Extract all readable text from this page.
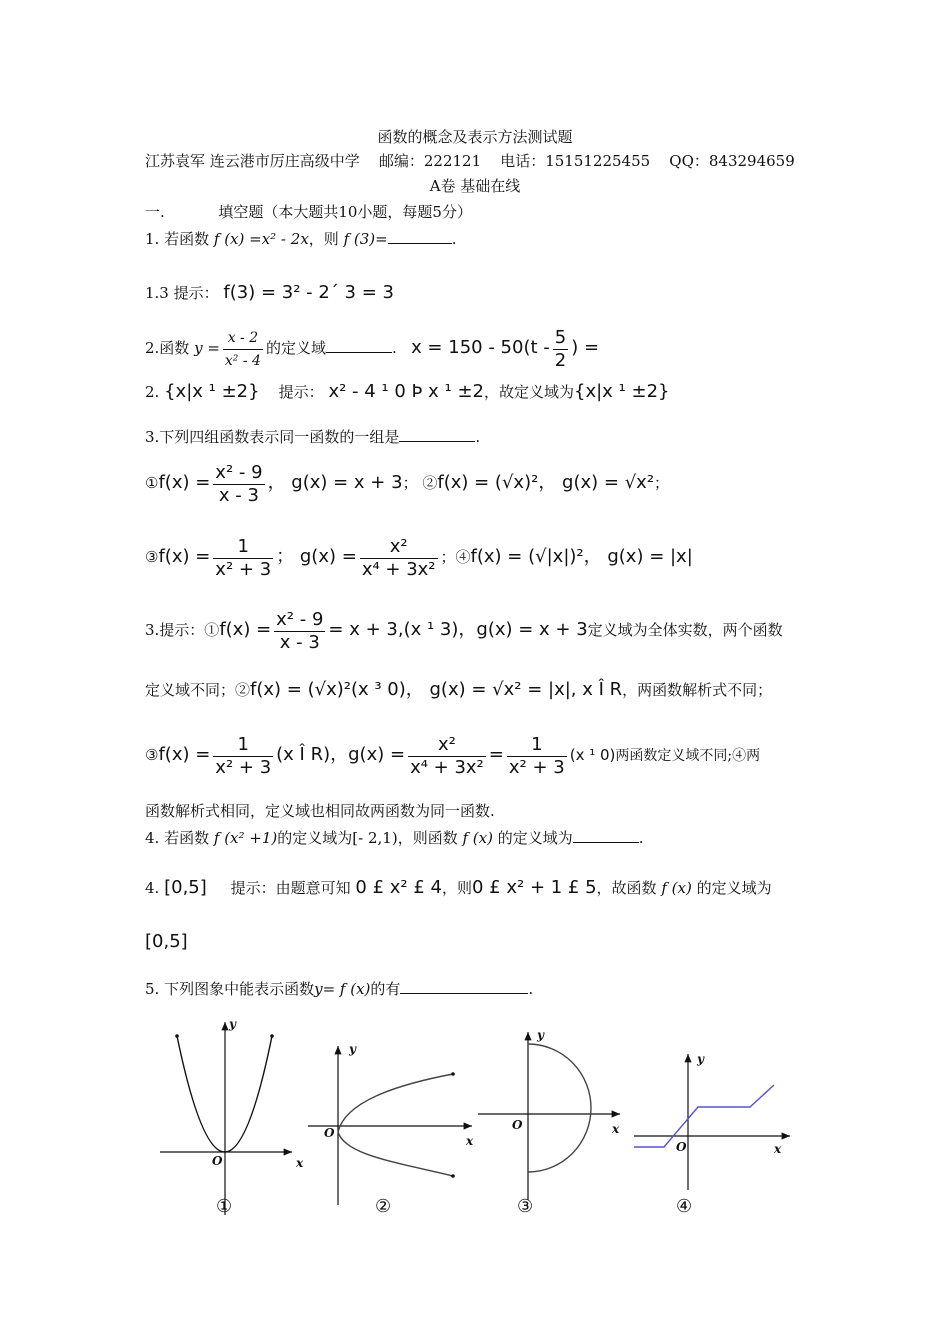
函数的概念及表示方法测试题
江苏袁军 连云港市厉庄高级中学 邮编：222121 电话：15151225455 QQ：843294659
A卷 基础在线
一.	填空题（本大题共10小题，每题5分）
1. 若函数 f (x) =x² - 2x，则 f (3)=	.
1.3 提示： f(3) = 3² - 2´ 3 = 3
2.函数 $y = \frac{x - 2}{\text{x² - 4}}$ 的定义域	. $x = 150 - 50(t - \frac{5}{2}$ ) =
2. {x|x ¹ ±2} 提示： x² - 4 ¹ 0 Þ x ¹ ±2，故定义域为{x|x ¹ ±2}
3.下列四组函数表示同一函数的一组是	.
①f(x) = $\frac{\text{x² - 9}}{x - 3}$ ， g(x) = x + 3； ②f(x) = (√x)²， g(x) = √x²；
③f(x) = $\frac{1}{\text{x² + 3}}$ ； $g(x) = \frac{\text{x²}}{\text{x⁴ + 3x²}}$ ；④f(x) = (√|x|)²， g(x) = |x|
3.提示：①f(x) = $\frac{\text{x² - 9}}{x - 3} = x + 3,(x$ ¹ 3)，g(x) = x + 3定义域为全体实数，两个函数
定义域不同；②f(x) = (√x)²(x ³ 0)， g(x) = √x² = |x|, x Î R，两函数解析式不同；
③f(x) = $\frac{1}{\text{x² + 3}} (x$ Î R)，$g(x) = \frac{\text{x²}}{\text{x⁴ + 3x²}} = \frac{1}{\text{x² + 3}} (x$ ¹ 0)两函数定义域不同;④两
函数解析式相同，定义域也相同故两函数为同一函数.
4. 若函数 f (x² +1)的定义域为[- 2,1)，则函数 f (x) 的定义域为	.
4. [0,5] 提示：由题意可知 0 £ x² £ 4，则0 £ x² + 1 £ 5，故函数 f (x) 的定义域为
[0,5]
5. 下列图象中能表示函数y= f (x)的有	.
y
x
O
y
x
O
y
x
O
y
x
O
①	②	③	④
